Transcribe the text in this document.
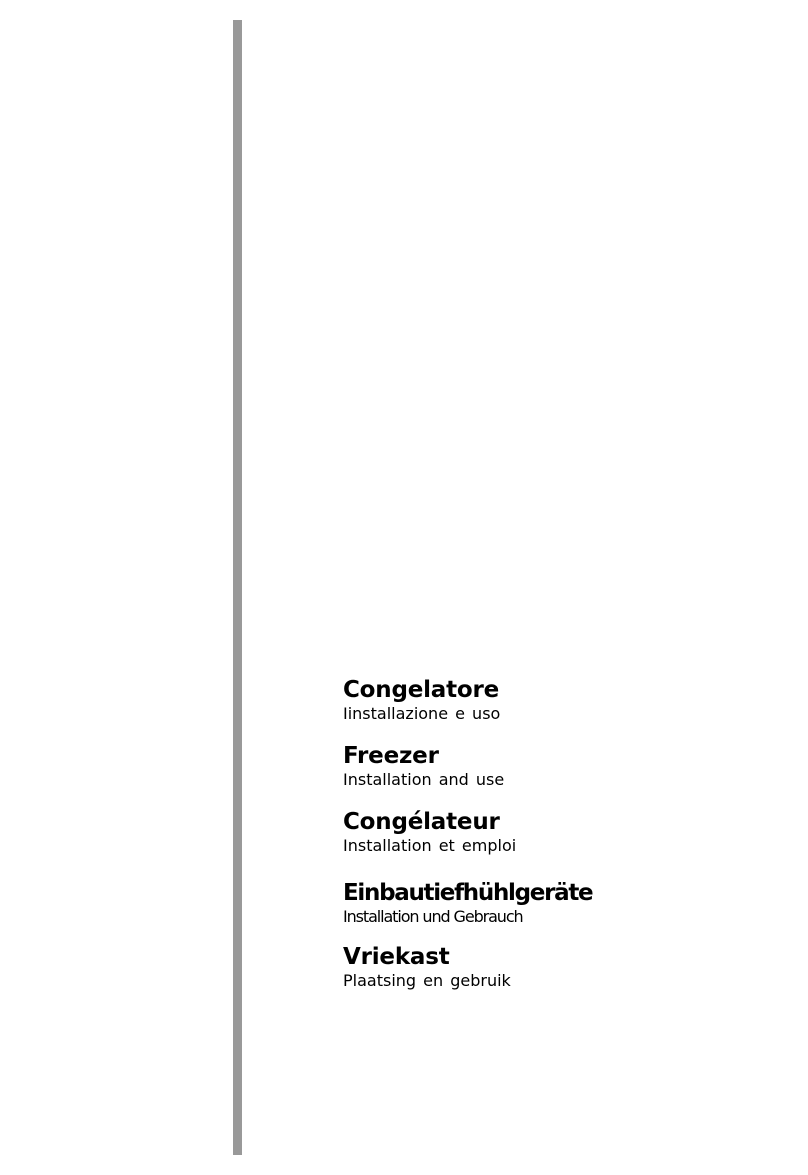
Congelatore
Iinstallazione e uso
Freezer
Installation and use
Congélateur
Installation et emploi
Einbautiefhühlgeräte
Installation und Gebrauch
Vriekast
Plaatsing en gebruik
